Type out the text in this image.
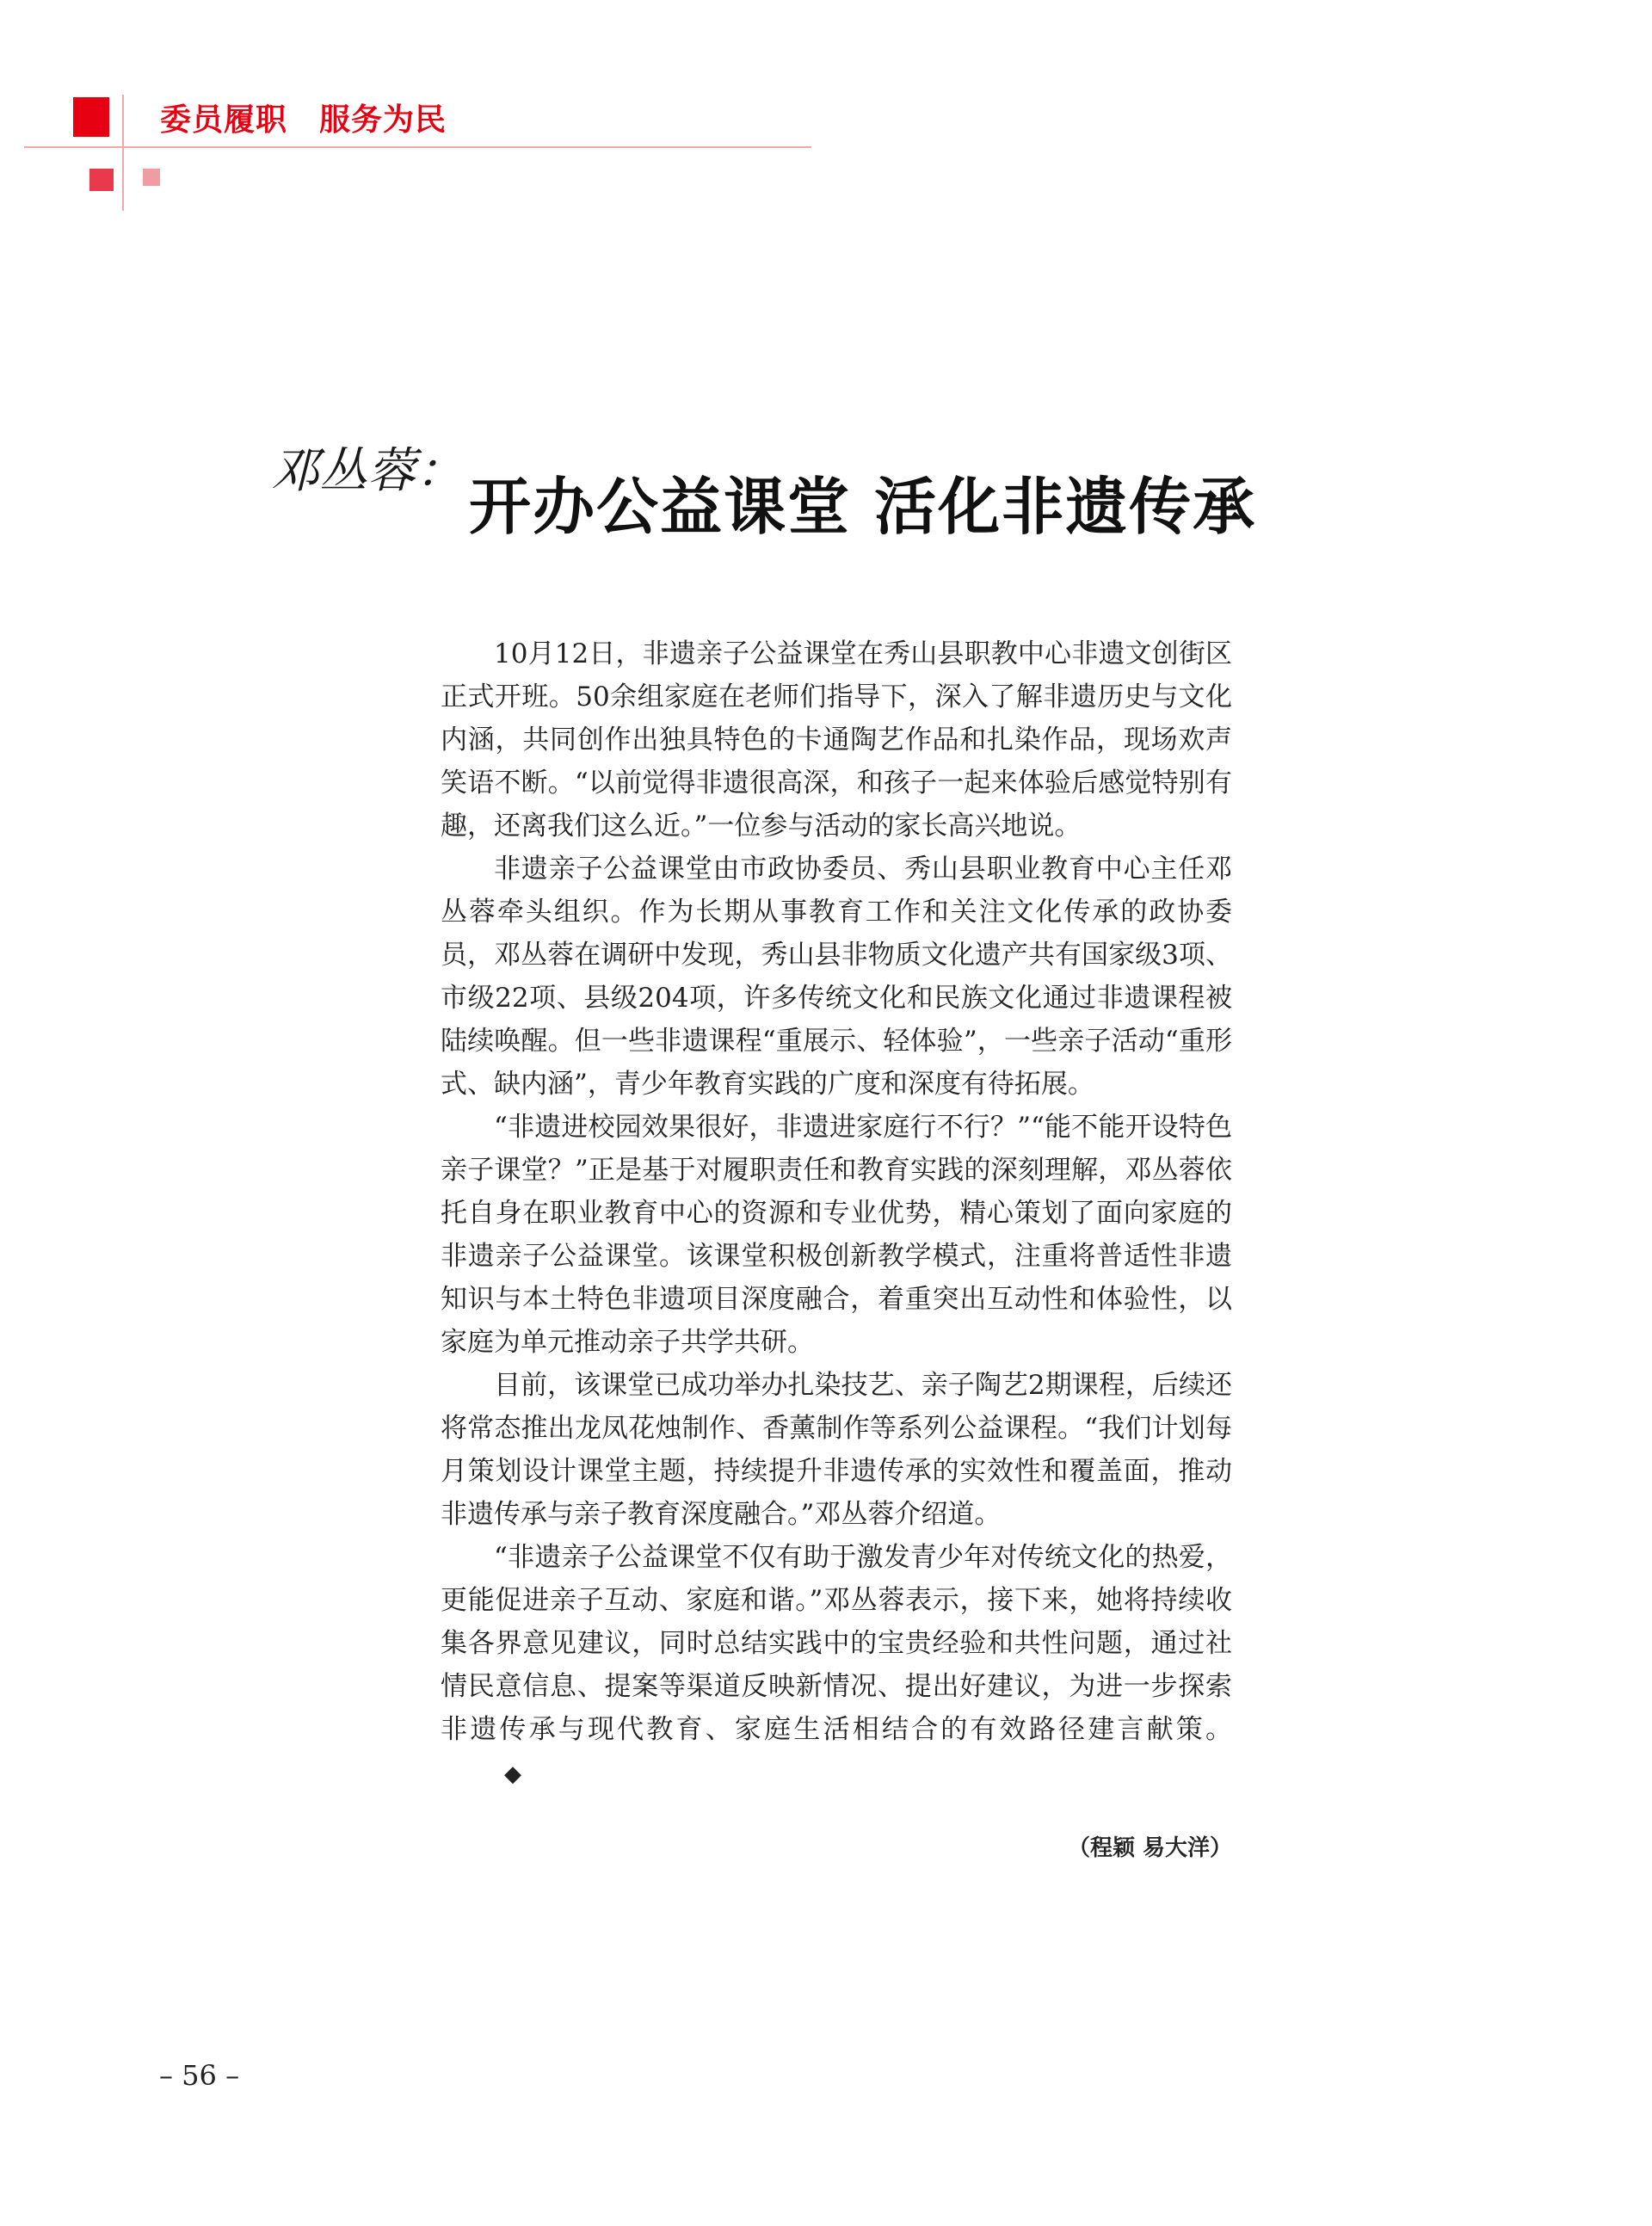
委员履职　服务为民
邓丛蓉： 开办公益课堂 活化非遗传承

10月12日，非遗亲子公益课堂在秀山县职教中心非遗文创街区正式开班。50余组家庭在老师们指导下，深入了解非遗历史与文化内涵，共同创作出独具特色的卡通陶艺作品和扎染作品，现场欢声笑语不断。“以前觉得非遗很高深，和孩子一起来体验后感觉特别有趣，还离我们这么近。”一位参与活动的家长高兴地说。

非遗亲子公益课堂由市政协委员、秀山县职业教育中心主任邓丛蓉牵头组织。作为长期从事教育工作和关注文化传承的政协委员，邓丛蓉在调研中发现，秀山县非物质文化遗产共有国家级3项、市级22项、县级204项，许多传统文化和民族文化通过非遗课程被陆续唤醒。但一些非遗课程“重展示、轻体验”，一些亲子活动“重形式、缺内涵”，青少年教育实践的广度和深度有待拓展。

“非遗进校园效果很好，非遗进家庭行不行？”“能不能开设特色亲子课堂？”正是基于对履职责任和教育实践的深刻理解，邓丛蓉依托自身在职业教育中心的资源和专业优势，精心策划了面向家庭的非遗亲子公益课堂。该课堂积极创新教学模式，注重将普适性非遗知识与本土特色非遗项目深度融合，着重突出互动性和体验性，以家庭为单元推动亲子共学共研。

目前，该课堂已成功举办扎染技艺、亲子陶艺2期课程，后续还将常态推出龙凤花烛制作、香薰制作等系列公益课程。“我们计划每月策划设计课堂主题，持续提升非遗传承的实效性和覆盖面，推动非遗传承与亲子教育深度融合。”邓丛蓉介绍道。

“非遗亲子公益课堂不仅有助于激发青少年对传统文化的热爱，更能促进亲子互动、家庭和谐。”邓丛蓉表示，接下来，她将持续收集各界意见建议，同时总结实践中的宝贵经验和共性问题，通过社情民意信息、提案等渠道反映新情况、提出好建议，为进一步探索非遗传承与现代教育、家庭生活相结合的有效路径建言献策。◆

（程颖 易大洋）
– 56 –
